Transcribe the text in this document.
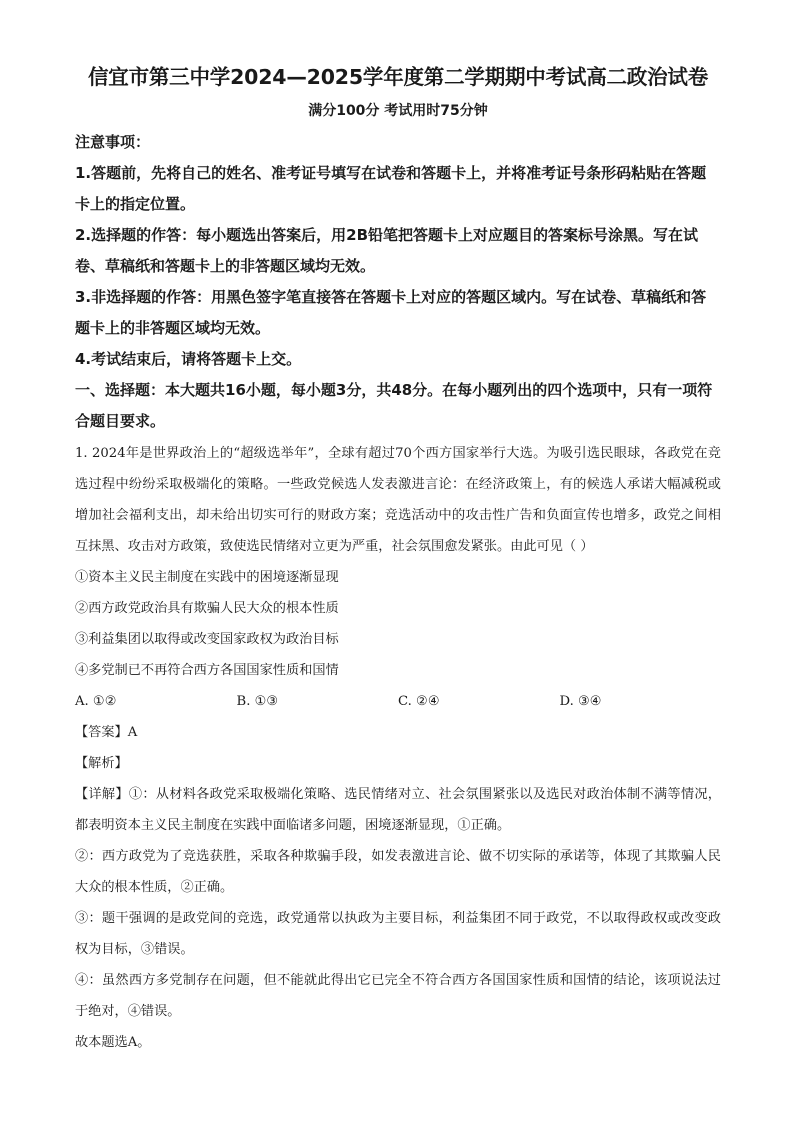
信宜市第三中学2024—2025学年度第二学期期中考试高二政治试卷
满分100分 考试用时75分钟
注意事项：

1.答题前，先将自己的姓名、准考证号填写在试卷和答题卡上，并将准考证号条形码粘贴在答题卡上的指定位置。

2.选择题的作答：每小题选出答案后，用2B铅笔把答题卡上对应题目的答案标号涂黑。写在试卷、草稿纸和答题卡上的非答题区域均无效。

3.非选择题的作答：用黑色签字笔直接答在答题卡上对应的答题区域内。写在试卷、草稿纸和答题卡上的非答题区域均无效。

4.考试结束后，请将答题卡上交。

一、选择题：本大题共16小题，每小题3分，共48分。在每小题列出的四个选项中，只有一项符合题目要求。

1. 2024年是世界政治上的“超级选举年”，全球有超过70个西方国家举行大选。为吸引选民眼球，各政党在竞选过程中纷纷采取极端化的策略。一些政党候选人发表激进言论：在经济政策上，有的候选人承诺大幅减税或增加社会福利支出，却未给出切实可行的财政方案；竞选活动中的攻击性广告和负面宣传也增多，政党之间相互抹黑、攻击对方政策，致使选民情绪对立更为严重，社会氛围愈发紧张。由此可见（ ）

①资本主义民主制度在实践中的困境逐渐显现
②西方政党政治具有欺骗人民大众的根本性质
③利益集团以取得或改变国家政权为政治目标
④多党制已不再符合西方各国国家性质和国情
A. ①②	B. ①③	C. ②④	D. ③④
【答案】A
【解析】

【详解】①：从材料各政党采取极端化策略、选民情绪对立、社会氛围紧张以及选民对政治体制不满等情况，都表明资本主义民主制度在实践中面临诸多问题，困境逐渐显现，①正确。

②：西方政党为了竞选获胜，采取各种欺骗手段，如发表激进言论、做不切实际的承诺等，体现了其欺骗人民大众的根本性质，②正确。

③：题干强调的是政党间的竞选，政党通常以执政为主要目标，利益集团不同于政党，不以取得政权或改变政权为目标，③错误。

④：虽然西方多党制存在问题，但不能就此得出它已完全不符合西方各国国家性质和国情的结论，该项说法过于绝对，④错误。

故本题选A。
